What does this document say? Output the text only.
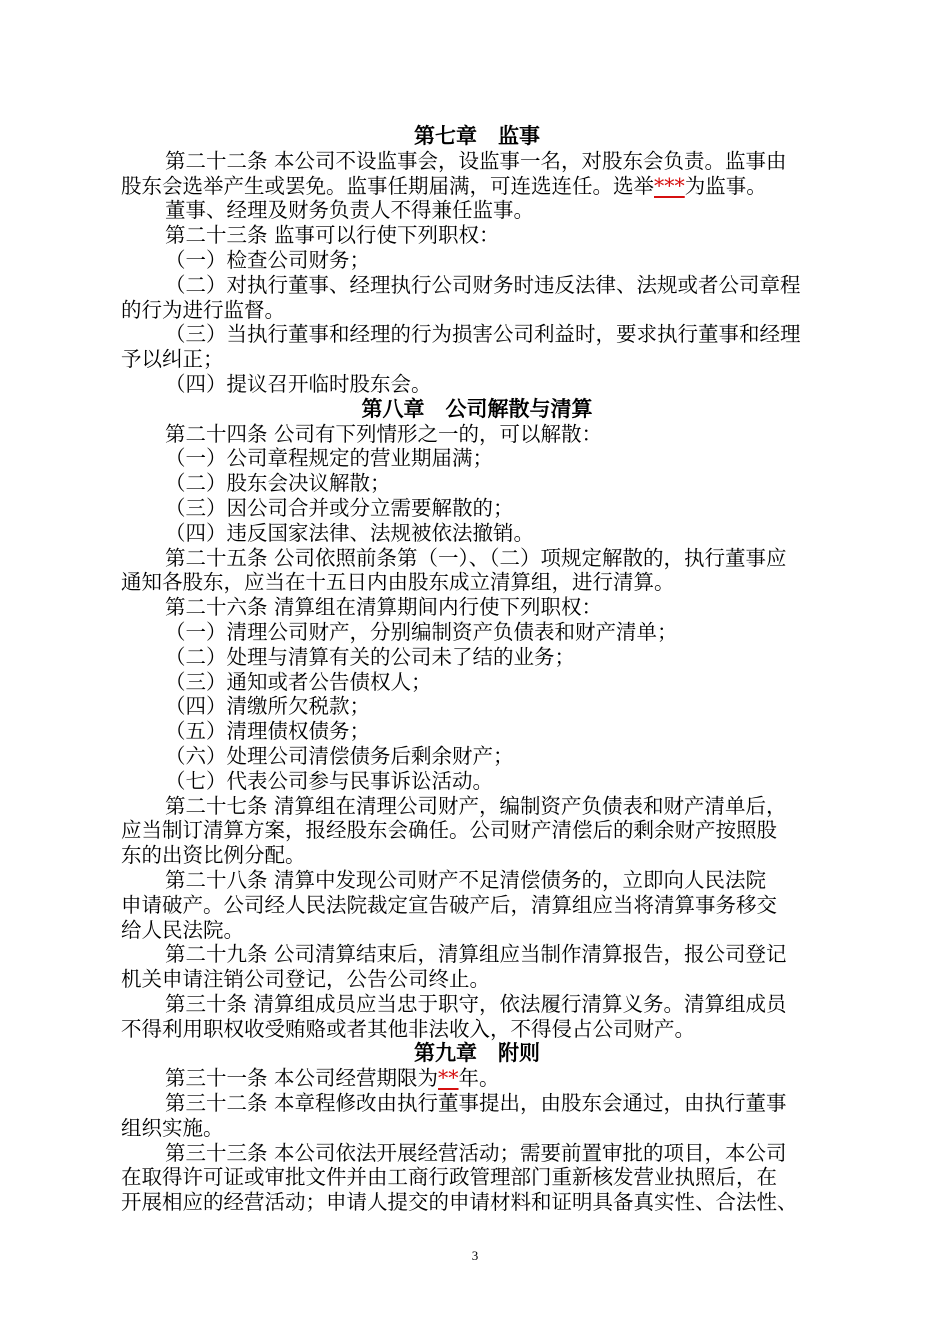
第七章　监事
第二十二条 本公司不设监事会，设监事一名，对股东会负责。监事由
股东会选举产生或罢免。监事任期届满，可连选连任。选举***为监事。
董事、经理及财务负责人不得兼任监事。
第二十三条 监事可以行使下列职权：
（一）检查公司财务；
（二）对执行董事、经理执行公司财务时违反法律、法规或者公司章程
的行为进行监督。
（三）当执行董事和经理的行为损害公司利益时，要求执行董事和经理
予以纠正；
（四）提议召开临时股东会。
第八章　公司解散与清算
第二十四条 公司有下列情形之一的，可以解散：
（一）公司章程规定的营业期届满；
（二）股东会决议解散；
（三）因公司合并或分立需要解散的；
（四）违反国家法律、法规被依法撤销。
第二十五条 公司依照前条第（一）、（二）项规定解散的，执行董事应
通知各股东，应当在十五日内由股东成立清算组，进行清算。
第二十六条 清算组在清算期间内行使下列职权：
（一）清理公司财产，分别编制资产负债表和财产清单；
（二）处理与清算有关的公司未了结的业务；
（三）通知或者公告债权人；
（四）清缴所欠税款；
（五）清理债权债务；
（六）处理公司清偿债务后剩余财产；
（七）代表公司参与民事诉讼活动。
第二十七条 清算组在清理公司财产，编制资产负债表和财产清单后，
应当制订清算方案，报经股东会确任。公司财产清偿后的剩余财产按照股
东的出资比例分配。
第二十八条 清算中发现公司财产不足清偿债务的，立即向人民法院
申请破产。公司经人民法院裁定宣告破产后，清算组应当将清算事务移交
给人民法院。
第二十九条 公司清算结束后，清算组应当制作清算报告，报公司登记
机关申请注销公司登记，公告公司终止。
第三十条 清算组成员应当忠于职守，依法履行清算义务。清算组成员
不得利用职权收受贿赂或者其他非法收入，不得侵占公司财产。
第九章　附则
第三十一条 本公司经营期限为**年。
第三十二条 本章程修改由执行董事提出，由股东会通过，由执行董事
组织实施。
第三十三条 本公司依法开展经营活动；需要前置审批的项目，本公司
在取得许可证或审批文件并由工商行政管理部门重新核发营业执照后，在
开展相应的经营活动；申请人提交的申请材料和证明具备真实性、合法性、
3
